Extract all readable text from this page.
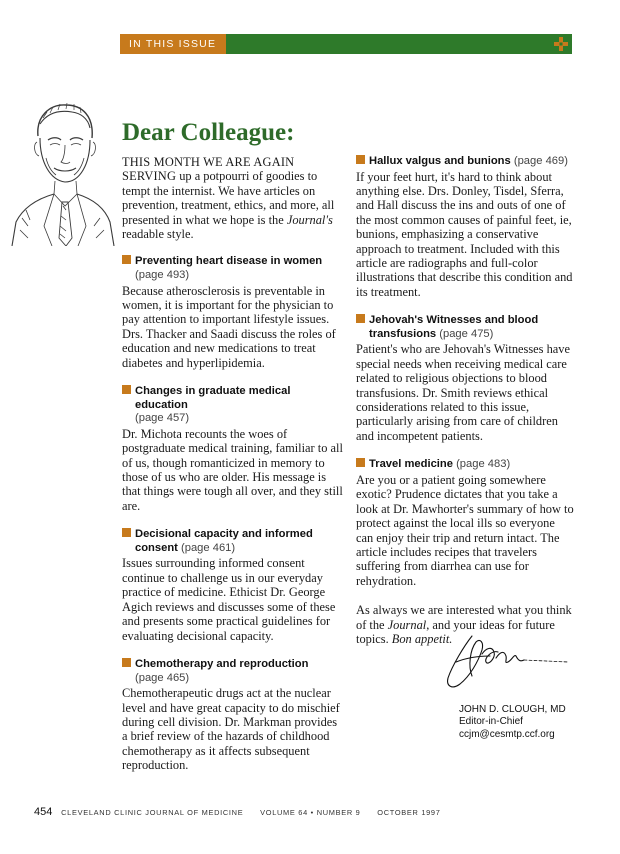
IN THIS ISSUE
Dear Colleague:

THIS MONTH WE ARE AGAIN SERVING up a potpourri of goodies to tempt the internist. We have articles on prevention, treatment, ethics, and more, all presented in what we hope is the Journal's readable style.

Preventing heart disease in women
(page 493)

Because atherosclerosis is preventable in women, it is important for the physician to pay attention to important lifestyle issues. Drs. Thacker and Saadi discuss the roles of education and new medications to treat diabetes and hyperlipidemia.

Changes in graduate medical education
(page 457)

Dr. Michota recounts the woes of postgraduate medical training, familiar to all of us, though romanticized in memory to those of us who are older. His message is that things were tough all over, and they still are.

Decisional capacity and informed consent (page 461)

Issues surrounding informed consent continue to challenge us in our everyday practice of medicine. Ethicist Dr. George Agich reviews and discusses some of these and presents some practical guidelines for evaluating decisional capacity.

Chemotherapy and reproduction
(page 465)

Chemotherapeutic drugs act at the nuclear level and have great capacity to do mischief during cell division. Dr. Markman provides a brief review of the hazards of childhood chemotherapy as it affects subsequent reproduction.

Hallux valgus and bunions (page 469)

If your feet hurt, it's hard to think about anything else. Drs. Donley, Tisdel, Sferra, and Hall discuss the ins and outs of one of the most common causes of painful feet, ie, bunions, emphasizing a conservative approach to treatment. Included with this article are radiographs and full-color illustrations that describe this condition and its treatment.

Jehovah's Witnesses and blood transfusions (page 475)

Patient's who are Jehovah's Witnesses have special needs when receiving medical care related to religious objections to blood transfusions. Dr. Smith reviews ethical considerations related to this issue, particularly arising from care of children and incompetent patients.

Travel medicine (page 483)

Are you or a patient going somewhere exotic? Prudence dictates that you take a look at Dr. Mawhorter's summary of how to protect against the local ills so everyone can enjoy their trip and return intact. The article includes recipes that travelers suffering from diarrhea can use for rehydration.

As always we are interested what you think of the Journal, and your ideas for future topics. Bon appetit.

JOHN D. CLOUGH, MD
Editor-in-Chief
ccjm@cesmtp.ccf.org
454 CLEVELAND CLINIC JOURNAL OF MEDICINE VOLUME 64 • NUMBER 9 OCTOBER 1997
